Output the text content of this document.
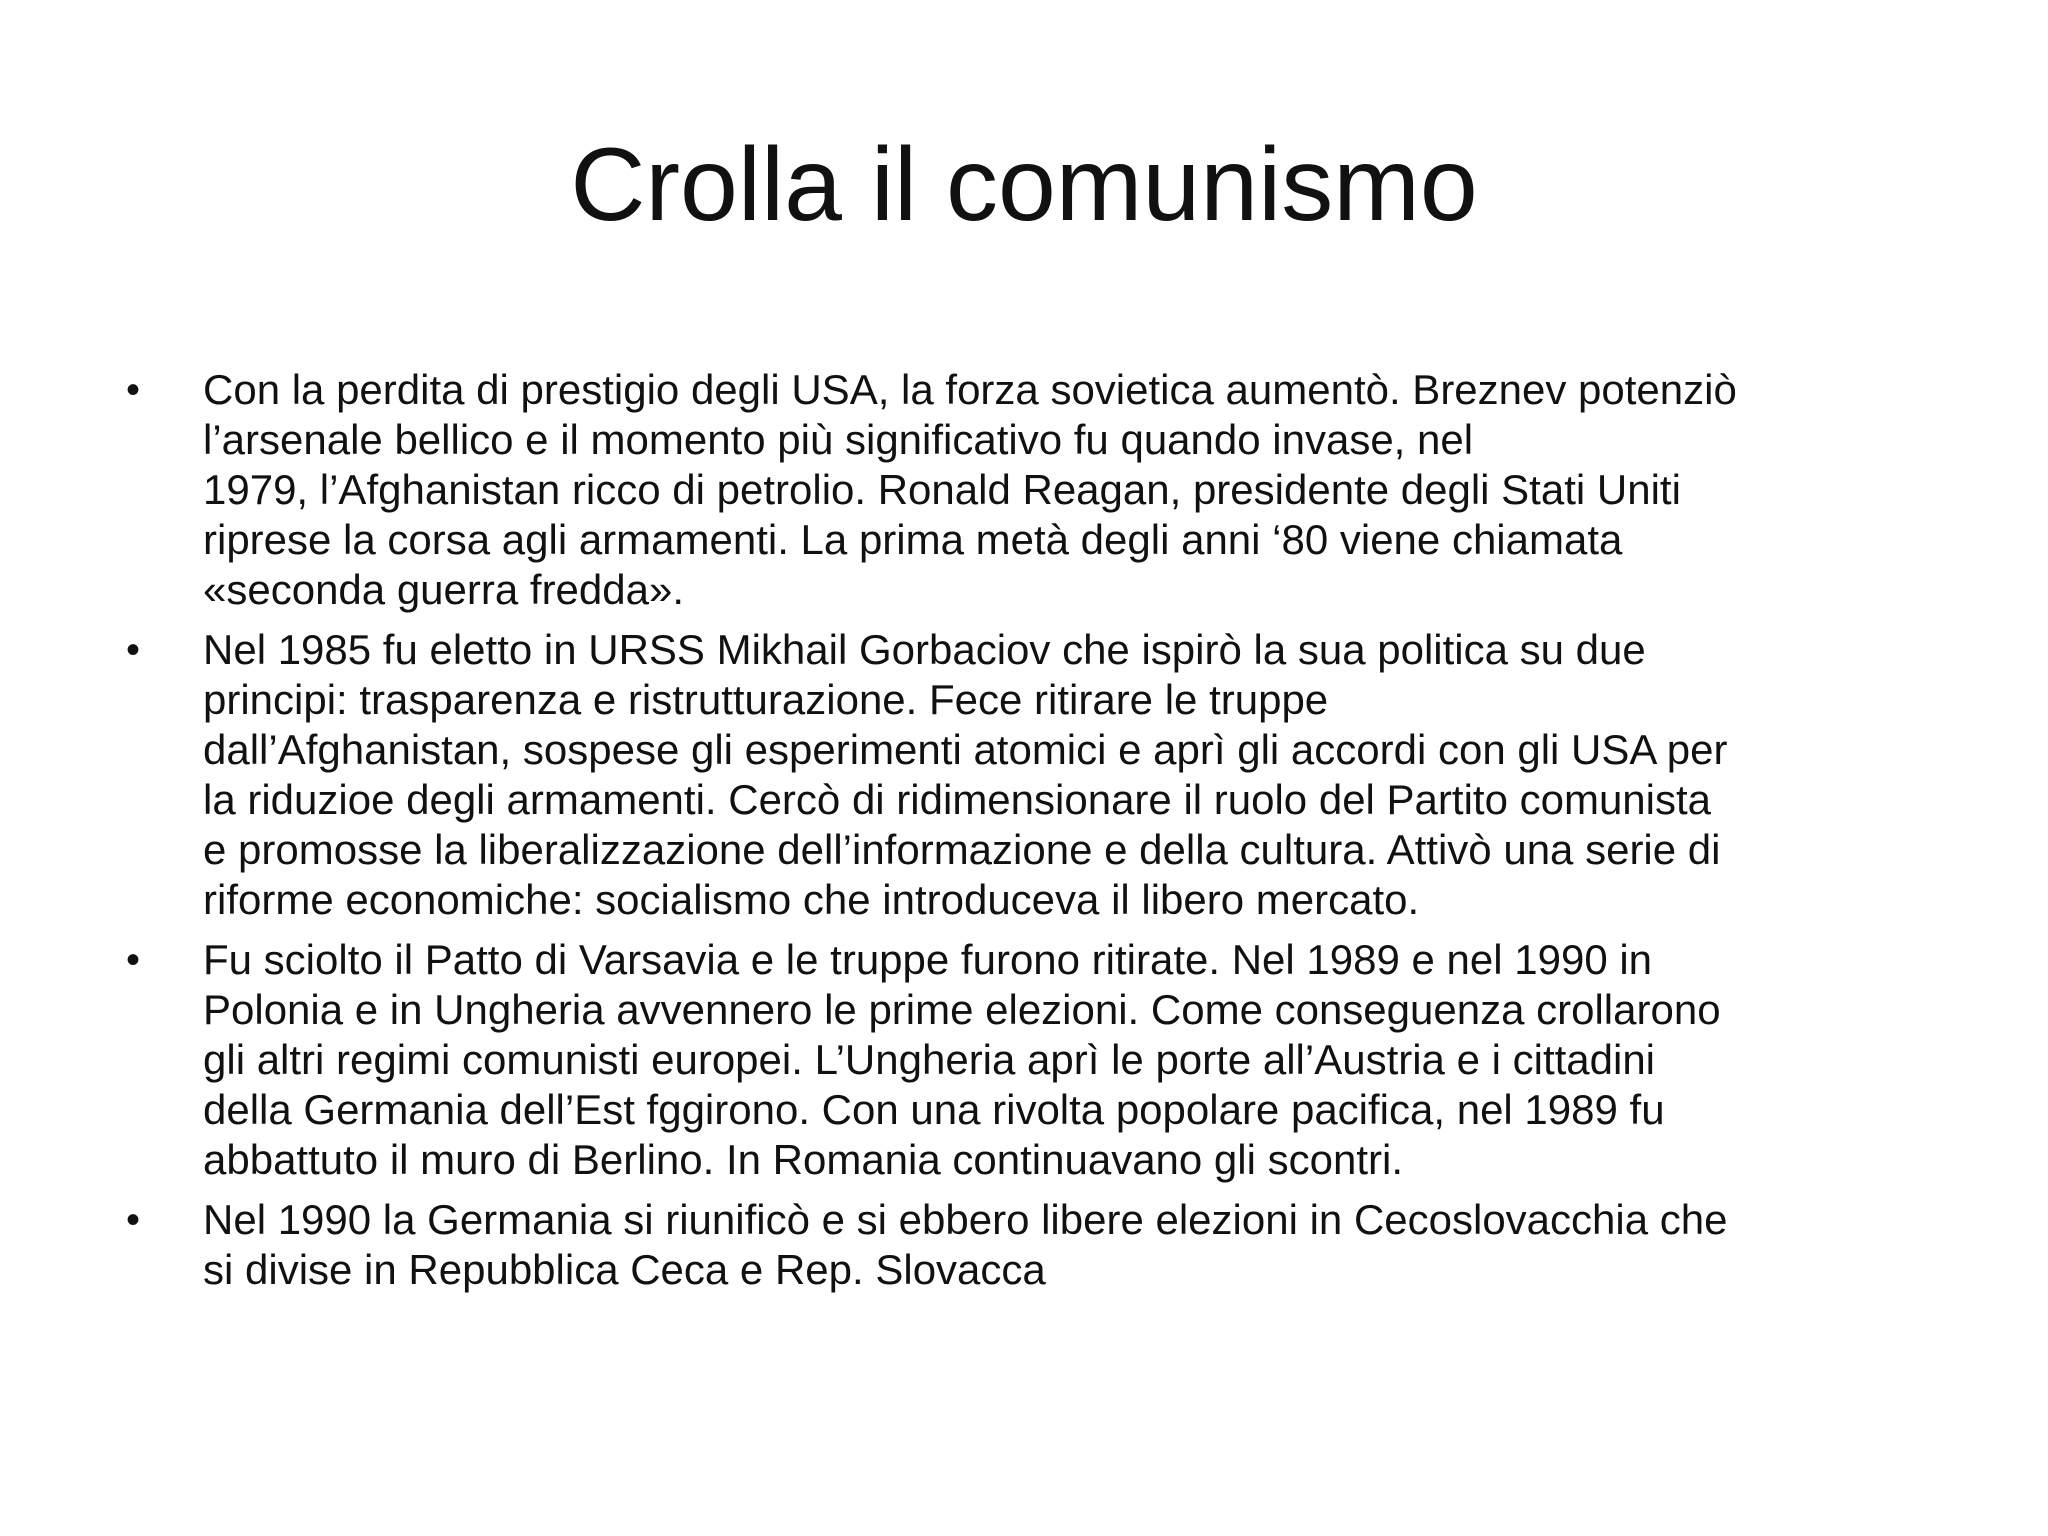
Crolla il comunismo
•	Con la perdita di prestigio degli USA, la forza sovietica aumentò. Breznev potenziò
l’arsenale bellico e il momento più significativo fu quando invase, nel
1979, l’Afghanistan ricco di petrolio. Ronald Reagan, presidente degli Stati Uniti
riprese la corsa agli armamenti. La prima metà degli anni ‘80 viene chiamata
«seconda guerra fredda».
•	Nel 1985 fu eletto in URSS Mikhail Gorbaciov che ispirò la sua politica su due
principi: trasparenza e ristrutturazione. Fece ritirare le truppe
dall’Afghanistan, sospese gli esperimenti atomici e aprì gli accordi con gli USA per
la riduzioe degli armamenti. Cercò di ridimensionare il ruolo del Partito comunista
e promosse la liberalizzazione dell’informazione e della cultura. Attivò una serie di
riforme economiche: socialismo che introduceva il libero mercato.
•	Fu sciolto il Patto di Varsavia e le truppe furono ritirate. Nel 1989 e nel 1990 in
Polonia e in Ungheria avvennero le prime elezioni. Come conseguenza crollarono
gli altri regimi comunisti europei. L’Ungheria aprì le porte all’Austria e i cittadini
della Germania dell’Est fggirono. Con una rivolta popolare pacifica, nel 1989 fu
abbattuto il muro di Berlino. In Romania continuavano gli scontri.
•	Nel 1990 la Germania si riunificò e si ebbero libere elezioni in Cecoslovacchia che
si divise in Repubblica Ceca e Rep. Slovacca
